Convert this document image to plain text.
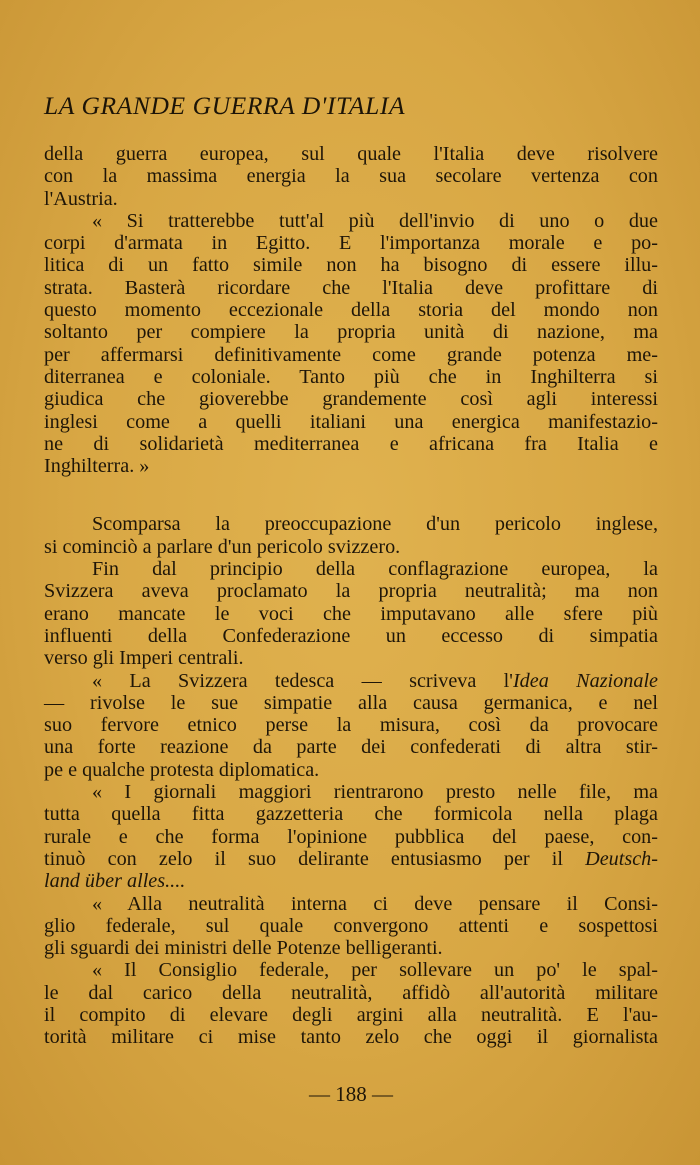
LA GRANDE GUERRA D'ITALIA

della guerra europea, sul quale l'Italia deve risolvere
con la massima energia la sua secolare vertenza con
l'Austria.

« Si tratterebbe tutt'al più dell'invio di uno o due
corpi d'armata in Egitto. E l'importanza morale e po-
litica di un fatto simile non ha bisogno di essere illu-
strata. Basterà ricordare che l'Italia deve profittare di
questo momento eccezionale della storia del mondo non
soltanto per compiere la propria unità di nazione, ma
per affermarsi definitivamente come grande potenza me-
diterranea e coloniale. Tanto più che in Inghilterra si
giudica che gioverebbe grandemente così agli interessi
inglesi come a quelli italiani una energica manifestazio-
ne di solidarietà mediterranea e africana fra Italia e
Inghilterra. »

Scomparsa la preoccupazione d'un pericolo inglese,
si cominciò a parlare d'un pericolo svizzero.

Fin dal principio della conflagrazione europea, la
Svizzera aveva proclamato la propria neutralità; ma non
erano mancate le voci che imputavano alle sfere più
influenti della Confederazione un eccesso di simpatia
verso gli Imperi centrali.

« La Svizzera tedesca — scriveva l'Idea Nazionale
— rivolse le sue simpatie alla causa germanica, e nel
suo fervore etnico perse la misura, così da provocare
una forte reazione da parte dei confederati di altra stir-
pe e qualche protesta diplomatica.

« I giornali maggiori rientrarono presto nelle file, ma
tutta quella fitta gazzetteria che formicola nella plaga
rurale e che forma l'opinione pubblica del paese, con-
tinuò con zelo il suo delirante entusiasmo per il Deutsch-
land über alles....

« Alla neutralità interna ci deve pensare il Consi-
glio federale, sul quale convergono attenti e sospettosi
gli sguardi dei ministri delle Potenze belligeranti.

« Il Consiglio federale, per sollevare un po' le spal-
le dal carico della neutralità, affidò all'autorità militare
il compito di elevare degli argini alla neutralità. E l'au-
torità militare ci mise tanto zelo che oggi il giornalista

— 188 —
